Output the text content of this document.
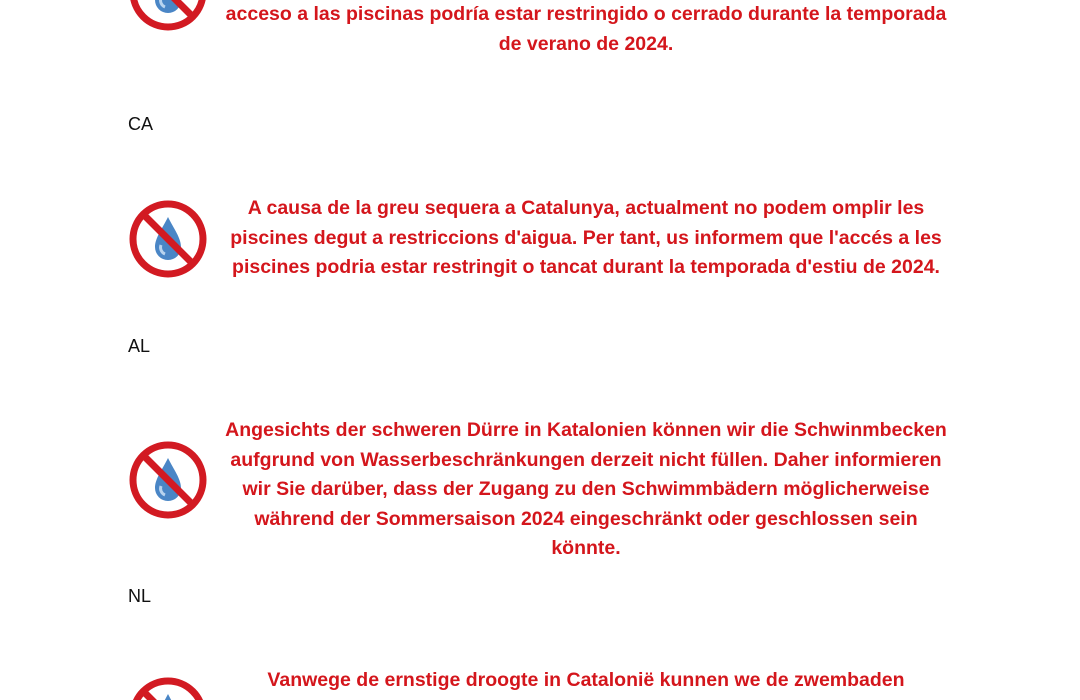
acceso a las piscinas podría estar restringido o cerrado durante la temporada de verano de 2024.

CA

A causa de la greu sequera a Catalunya, actualment no podem omplir les piscines degut a restriccions d'aigua. Per tant, us informem que l'accés a les piscines podria estar restringit o tancat durant la temporada d'estiu de 2024.

AL

Angesichts der schweren Dürre in Katalonien können wir die Schwinmbecken aufgrund von Wasserbeschränkungen derzeit nicht füllen. Daher informieren wir Sie darüber, dass der Zugang zu den Schwimmbädern möglicherweise während der Sommersaison 2024 eingeschränkt oder geschlossen sein könnte.

NL

Vanwege de ernstige droogte in Catalonië kunnen we de zwembaden
